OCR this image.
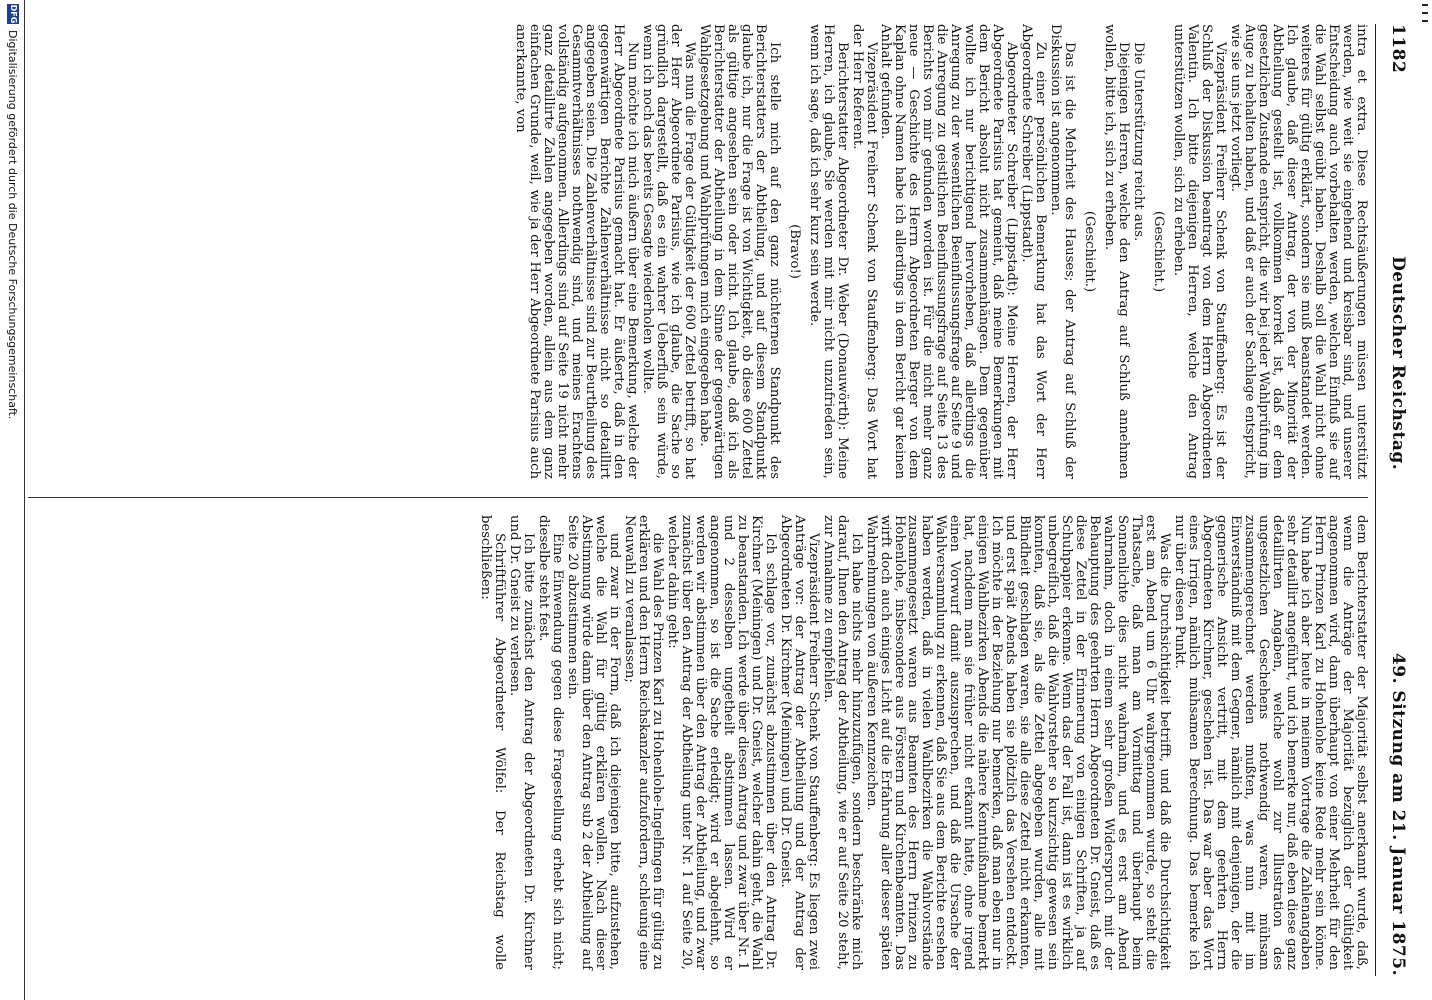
1182
Deutscher Reichstag.
49. Sitzung am 21. Januar 1875.

intra et extra. Diese Rechtsäußerungen müssen unterstützt werden, wie weit sie eingehend und kreisbar sind, und unserer Entscheidung auch vorbehalten werden, welchen Einfluß sie auf die Wahl selbst geübt haben. Deshalb soll die Wahl nicht ohne weiteres für gültig erklärt, sondern sie muß beanstandet werden. Ich glaube, daß dieser Antrag, der von der Minorität der Abtheilung gestellt ist, vollkommen korrekt ist, daß er dem gesetzlichen Zustande entspricht, die wir bei jeder Wahlprüfung im Auge zu behalten haben, und daß er auch der Sachlage entspricht, wie sie uns jetzt vorliegt.

Vizepräsident Freiherr Schenk von Stauffenberg: Es ist der Schluß der Diskussion beantragt von dem Herrn Abgeordneten Valentin. Ich bitte diejenigen Herren, welche den Antrag unterstützen wollen, sich zu erheben.

(Geschieht.)

Die Unterstützung reicht aus.

Diejenigen Herren, welche den Antrag auf Schluß annehmen wollen, bitte ich, sich zu erheben.

(Geschieht.)

Das ist die Mehrheit des Hauses; der Antrag auf Schluß der Diskussion ist angenommen.

Zu einer persönlichen Bemerkung hat das Wort der Herr Abgeordnete Schreiber (Lippstadt).

Abgeordneter Schreiber (Lippstadt): Meine Herren, der Herr Abgeordnete Parisius hat gemeint, daß meine Bemerkungen mit dem Bericht absolut nicht zusammenhängen. Dem gegenüber wollte ich nur berichtigend hervorheben, daß allerdings die Anregung zu der wesentlichen Beeinflussungsfrage auf Seite 9 und die Anregung zu geistlichen Beeinflussungsfrage auf Seite 13 des Berichts von mir gefunden worden ist. Für die nicht mehr ganz neue — Geschichte des Herrn Abgeordneten Berger von dem Kaplan ohne Namen habe ich allerdings in dem Bericht gar keinen Anhalt gefunden.

Vizepräsident Freiherr Schenk von Stauffenberg: Das Wort hat der Herr Referent.

Berichterstatter Abgeordneter Dr. Weber (Donauwörth): Meine Herren, ich glaube, Sie werden mit mir nicht unzufrieden sein, wenn ich sage, daß ich sehr kurz sein werde.

(Bravo!)

Ich stelle mich auf den ganz nüchternen Standpunkt des Berichterstatters der Abtheilung, und auf diesem Standpunkt glaube ich, nur die Frage ist von Wichtigkeit, ob diese 600 Zettel als gültige angesehen sein oder nicht. Ich glaube, daß ich als Berichterstatter der Abtheilung in dem Sinne der gegenwärtigen Wahlgesetzgebung und Wahlprüfungen mich eingegeben habe.

Was nun die Frage der Gültigkeit der 600 Zettel betrifft, so hat der Herr Abgeordnete Parisius, wie ich glaube, die Sache so gründlich dargestellt, daß es ein wahrer Ueberfluß sein würde, wenn ich noch das bereits Gesagte wiederholen wollte.

Nun möchte ich mich äußern über eine Bemerkung, welche der Herr Abgeordnete Parisius gemacht hat. Er äußerte, daß in den gegenwärtigen Berichte Zahlenverhältnisse nicht so detaillirt angegeben seien. Die Zahlenverhältnisse sind zur Beurtheilung des Gesammtverhältnisses nothwendig sind, und meines Erachtens vollständig aufgenommen. Allerdings sind auf Seite 19 nicht mehr ganz detaillirte Zahlen angegeben worden, allein aus dem ganz einfachen Grunde, weil, wie ja der Herr Abgeordnete Parisius auch anerkannte, von

dem Berichterstatter der Majorität selbst anerkannt wurde, daß, wenn die Anträge der Majorität bezüglich der Gültigkeit angenommen wird, dann überhaupt von einer Mehrheit für den Herrn Prinzen Karl zu Hohenlohe keine Rede mehr sein könne. Nun habe ich aber heute in meinem Vortrage die Zahlenangaben sehr detaillirt angeführt, und ich bemerke nur, daß eben diese ganz detaillirten Angaben, welche wohl zur Illustration des ungesetzlichen Geschehens nothwendig waren, mühsam zusammengerechnet werden mußten, was nun mit im Einverständniß mit dem Gegner, nämlich mit denjenigen, der die gegnerische Ansicht vertritt, mit dem geehrten Herrn Abgeordneten Kirchner, geschehen ist. Das war aber das Wort eines Irrigen, nämlich mühsamen Berechnung. Das bemerke ich nur über diesen Punkt.

Was die Durchsichtigkeit betrifft, und daß die Durchsichtigkeit erst am Abend um 6 Uhr wahrgenommen wurde, so steht die Thatsache, daß man am Vormittag und überhaupt beim Sonnenlichte dies nicht wahrnahm, und es erst am Abend wahrnahm, doch in einem sehr großen Widerspruch mit der Behauptung des geehrten Herrn Abgeordneten Dr. Gneist, daß es diese Zettel in der Erinnerung von einigen Schriften, ja auf Schuhpapier erkenne. Wenn das der Fall ist, dann ist es wirklich unbegreiflich, daß die Wahlvorsteher so kurzsichtig gewesen sein konnten, daß sie, als die Zettel abgegeben wurden, alle mit Blindheit geschlagen waren, sie alle diese Zettel nicht erkannten, und erst spät Abends haben sie plötzlich das Versehen entdeckt. Ich möchte in der Beziehung nur bemerken, daß man eben nur in einigen Wahlbezirken Abends die nähere Kenntnißnahme bemerkt hat, nachdem man sie früher nicht erkannt hatte, ohne irgend einen Vorwurf damit auszusprechen, und daß die Ursache der Wahlversammlung zu erkennen, daß Sie aus dem Berichte ersehen haben werden, daß in vielen Wahlbezirken die Wahlvorstände zusammengesetzt waren aus Beamten des Herrn Prinzen zu Hohenlohe, insbesondere aus Förstern und Kirchenbeamten. Das wirft doch auch einiges Licht auf die Erfahrung aller dieser späten Wahrnehmungen von äußeren Kennzeichen.

Ich habe nichts mehr hinzuzufügen, sondern beschränke mich darauf, Ihnen den Antrag der Abtheilung, wie er auf Seite 20 steht, zur Annahme zu empfehlen.

Vizepräsident Freiherr Schenk von Stauffenberg: Es liegen zwei Anträge vor: der Antrag der Abtheilung und der Antrag der Abgeordneten Dr. Kirchner (Meiningen) und Dr. Gneist.

Ich schlage vor, zunächst abzustimmen über den Antrag Dr. Kirchner (Meiningen) und Dr. Gneist, welcher dahin geht, die Wahl zu beanstanden. Ich werde über diesen Antrag und zwar über Nr. 1 und 2 desselben ungetheilt abstimmen lassen. Wird er angenommen, so ist die Sache erledigt; wird er abgelehnt, so werden wir abstimmen über den Antrag der Abtheilung, und zwar zunächst über den Antrag der Abtheilung unter Nr. 1 auf Seite 20, welcher dahin geht:

die Wahl des Prinzen Karl zu Hohenlohe-Ingelfingen für gültig zu erklären und den Herrn Reichskanzler aufzufordern, schleunig eine Neuwahl zu veranlassen;

und zwar in der Form, daß ich diejenigen bitte, aufzustehen, welche die Wahl für gültig erklären wollen. Nach dieser Abstimmung würde dann über den Antrag sub 2 der Abtheilung auf Seite 20 abzustimmen sein.

Eine Einwendung gegen diese Fragestellung erhebt sich nicht; dieselbe steht fest.

Ich bitte zunächst den Antrag der Abgeordneten Dr. Kirchner und Dr. Gneist zu verlesen.

Schriftführer Abgeordneter Wölfel: Der Reichstag wolle beschließen:

DFG
Digitalisierung gefördert durch die Deutsche Forschungsgemeinschaft.
